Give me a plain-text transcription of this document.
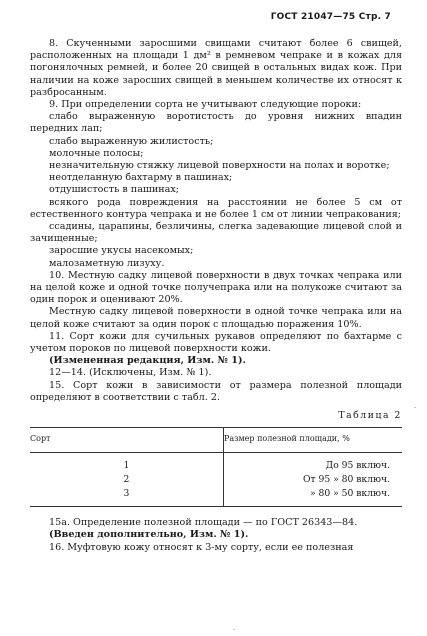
ГОСТ 21047—75 Стр. 7

8. Скученными заросшими свищами считают более 6 свищей, расположенных на площади 1 дм² в ремневом чепраке и в кожах для погонялочных ремней, и более 20 свищей в остальных видах кож. При наличии на коже заросших свищей в меньшем количестве их относят к разбросанным.

9. При определении сорта не учитывают следующие пороки:

слабо выраженную воротистость до уровня нижних впадин передних лап;

слабо выраженную жилистость;

молочные полосы;

незначительную стяжку лицевой поверхности на полах и воротке;

неотделанную бахтарму в пашинах;

отдушистость в пашинах;

всякого рода повреждения на расстоянии не более 5 см от естественного контура чепрака и не более 1 см от линии чепракования;

ссадины, царапины, безличины, слегка задевающие лицевой слой и зачищенные;

заросшие укусы насекомых;

малозаметную лизуху.

10. Местную садку лицевой поверхности в двух точках чепрака или на целой коже и одной точке получепрака или на полукоже считают за один порок и оценивают 20%.

Местную садку лицевой поверхности в одной точке чепрака или на целой коже считают за один порок с площадью поражения 10%.

11. Сорт кожи для сучильных рукавов определяют по бахтарме с учетом пороков по лицевой поверхности кожи.

(Измененная редакция, Изм. № 1).

12—14. (Исключены, Изм. № 1).

15. Сорт кожи в зависимости от размера полезной площади определяют в соответствии с табл. 2.

Таблица 2
Сорт	Размер полезной площади, %
1	До 95 включ.
2	От 95 » 80 включ.
3	» 80 » 50 включ.

15а. Определение полезной площади — по ГОСТ 26343—84.

(Введен дополнительно, Изм. № 1).

16. Муфтовую кожу относят к 3-му сорту, если ее полезная

·
·
